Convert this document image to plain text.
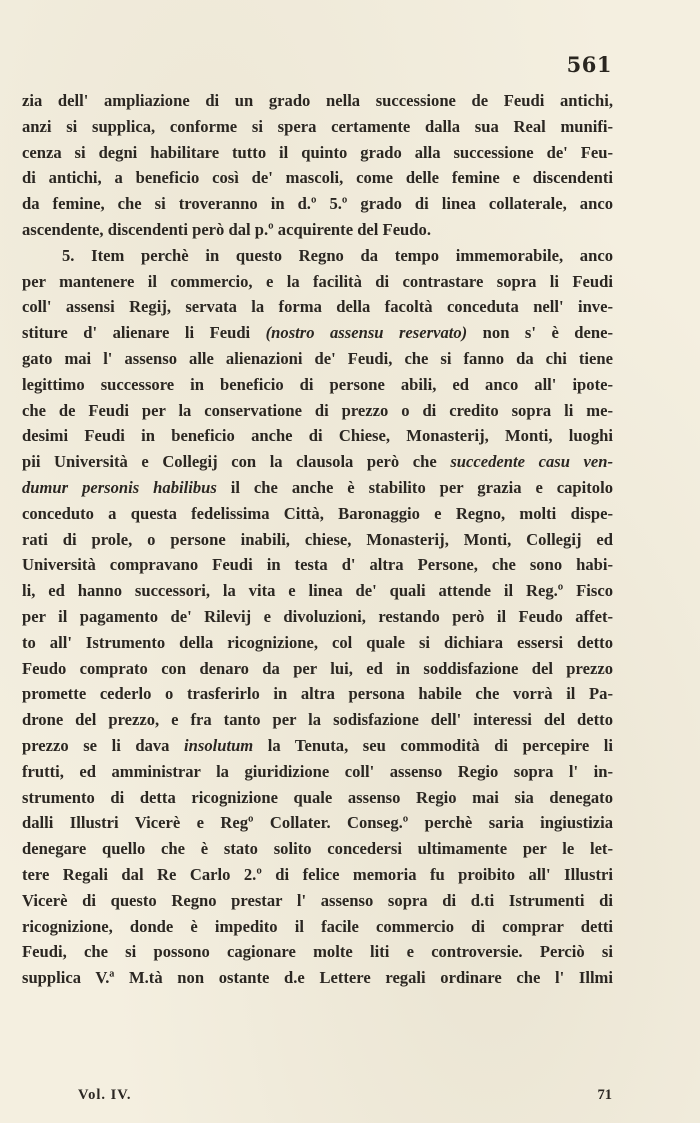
561
zia dell' ampliazione di un grado nella successione de Feudi antichi,
anzi si supplica, conforme si spera certamente dalla sua Real munifi-
cenza si degni habilitare tutto il quinto grado alla successione de' Feu-
di antichi, a beneficio così de' mascoli, come delle femine e discendenti
da femine, che si troveranno in d.º 5.º grado di linea collaterale, anco
ascendente, discendenti però dal p.º acquirente del Feudo.
5. Item perchè in questo Regno da tempo immemorabile, anco
per mantenere il commercio, e la facilità di contrastare sopra li Feudi
coll' assensi Regij, servata la forma della facoltà conceduta nell' inve-
stiture d' alienare li Feudi (nostro assensu reservato) non s' è dene-
gato mai l' assenso alle alienazioni de' Feudi, che si fanno da chi tiene
legittimo successore in beneficio di persone abili, ed anco all' ipote-
che de Feudi per la conservatione di prezzo o di credito sopra li me-
desimi Feudi in beneficio anche di Chiese, Monasterij, Monti, luoghi
pii Università e Collegij con la clausola però che succedente casu ven-
dumur personis habilibus il che anche è stabilito per grazia e capitolo
conceduto a questa fedelissima Città, Baronaggio e Regno, molti dispe-
rati di prole, o persone inabili, chiese, Monasterij, Monti, Collegij ed
Università compravano Feudi in testa d' altra Persone, che sono habi-
li, ed hanno successori, la vita e linea de' quali attende il Reg.º Fisco
per il pagamento de' Rilevij e divoluzioni, restando però il Feudo affet-
to all' Istrumento della ricognizione, col quale si dichiara essersi detto
Feudo comprato con denaro da per lui, ed in soddisfazione del prezzo
promette cederlo o trasferirlo in altra persona habile che vorrà il Pa-
drone del prezzo, e fra tanto per la sodisfazione dell' interessi del detto
prezzo se li dava insolutum la Tenuta, seu commodità di percepire li
frutti, ed amministrar la giuridizione coll' assenso Regio sopra l' in-
strumento di detta ricognizione quale assenso Regio mai sia denegato
dalli Illustri Vicerè e Regº Collater. Conseg.º perchè saria ingiustizia
denegare quello che è stato solito concedersi ultimamente per le let-
tere Regali dal Re Carlo 2.º di felice memoria fu proibito all' Illustri
Vicerè di questo Regno prestar l' assenso sopra di d.ti Istrumenti di
ricognizione, donde è impedito il facile commercio di comprar detti
Feudi, che si possono cagionare molte liti e controversie. Perciò si
supplica V.ª M.tà non ostante d.e Lettere regali ordinare che l' Illmi
Vol. IV.	71
